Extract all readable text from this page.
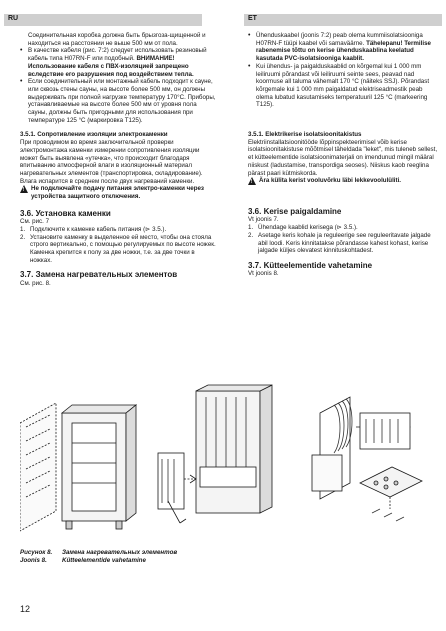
RU	ET

Соединительная коробка должна быть брызгоза-щищенной и находиться на расстоянии не выше 500 мм от пола.

• В качестве кабеля (рис. 7:2) следует использовать резиновый кабель типа H07RN-F или подобный. ВНИМАНИЕ! Использование кабеля с ПВХ-изоляцией запрещено вследствие его разрушения под воздействием тепла.
• Если соединительный или монтажный кабель подходит к сауне, или сквозь стены сауны, на высоте более 500 мм, он должны выдерживать при полной нагрузке температуру 170°С. Приборы, устанавливаемые на высоте более 500 мм от уровня пола сауны, должны быть пригодными для использования при температуре 125 °С (маркировка Т125).

3.5.1. Сопротивление изоляции электрокаменки

При проводимом во время заключительной проверки электромонтажа каменки измерении сопротивления изоляции может быть выявлена «утечка», что происходит благодаря впитыванию атмосферной влаги в изоляционный материал нагревательных элементов (транспортировка, складирование). Влага испарится в среднем после двух нагреваний каменки.

!
Не подключайте подачу питания электро-каменки через устройства защитного отключения.

3.6. Установка каменки

См. рис. 7

1. Подключите к каменке кабель питания (⊳ 3.5.).
2. Установите каменку в выделенное ей место, чтобы она стояла строго вертикально, с помощью регулируемых по высоте ножек. Каменка крепится к полу за две ножки, т.е. за две точки в ножках.

3.7. Замена нагревательных элементов

См. рис. 8.

• Ühenduskaabel (joonis 7:2) peab olema kummiisolatsiooniga H07RN-F tüüpi kaabel või samaväärne. Tähelepanu! Termilise rabenemise tõttu on kerise ühenduskaablina keelatud kasutada PVC-isolatsiooniga kaablit.
• Kui ühendus- ja paigalduskaablid on kõrgemal kui 1 000 mm leiliruumi põrandast või leiliruumi seinte sees, peavad nad koormuse all taluma vähemalt 170 °C (näiteks SSJ). Põrandast kõrgemale kui 1 000 mm paigaldatud elektriseadmestik peab olema lubatud kasutamiseks temperatuuril 125 °C (markeering T125).

3.5.1. Elektrikerise isolatsioonitakistus

Elektriinstallatsioonitööde lõppinspekteerimisel võib kerise isolatsioonitakistuse mõõtmisel täheldada "leket", mis tuleneb sellest, et kütteelementide isolatsioonimaterjali on imendunud mingil määral niiskust (ladustamise, transpordiga seoses). Niiskus kaob reeglina pärast paari kütmiskorda.

!
Ära külita kerist vooluvõrku läbi lekkevoolulüliti.

3.6. Kerise paigaldamine

Vt joonis 7.

1. Ühendage kaablid kerisega (⊳ 3.5.).
2. Asetage keris kohale ja reguleerige see reguleeritavate jalgade abil loodi. Keris kinnitatakse põrandasse kahest kohast, kerise jalgade küljes olevatest kinnituskohtadest.

3.7. Kütteelementide vahetamine

Vt joonis 8.

Рисунок 8.	Замена нагревательных элементов
Joonis 8.	Kütteelementide vahetamine
12
